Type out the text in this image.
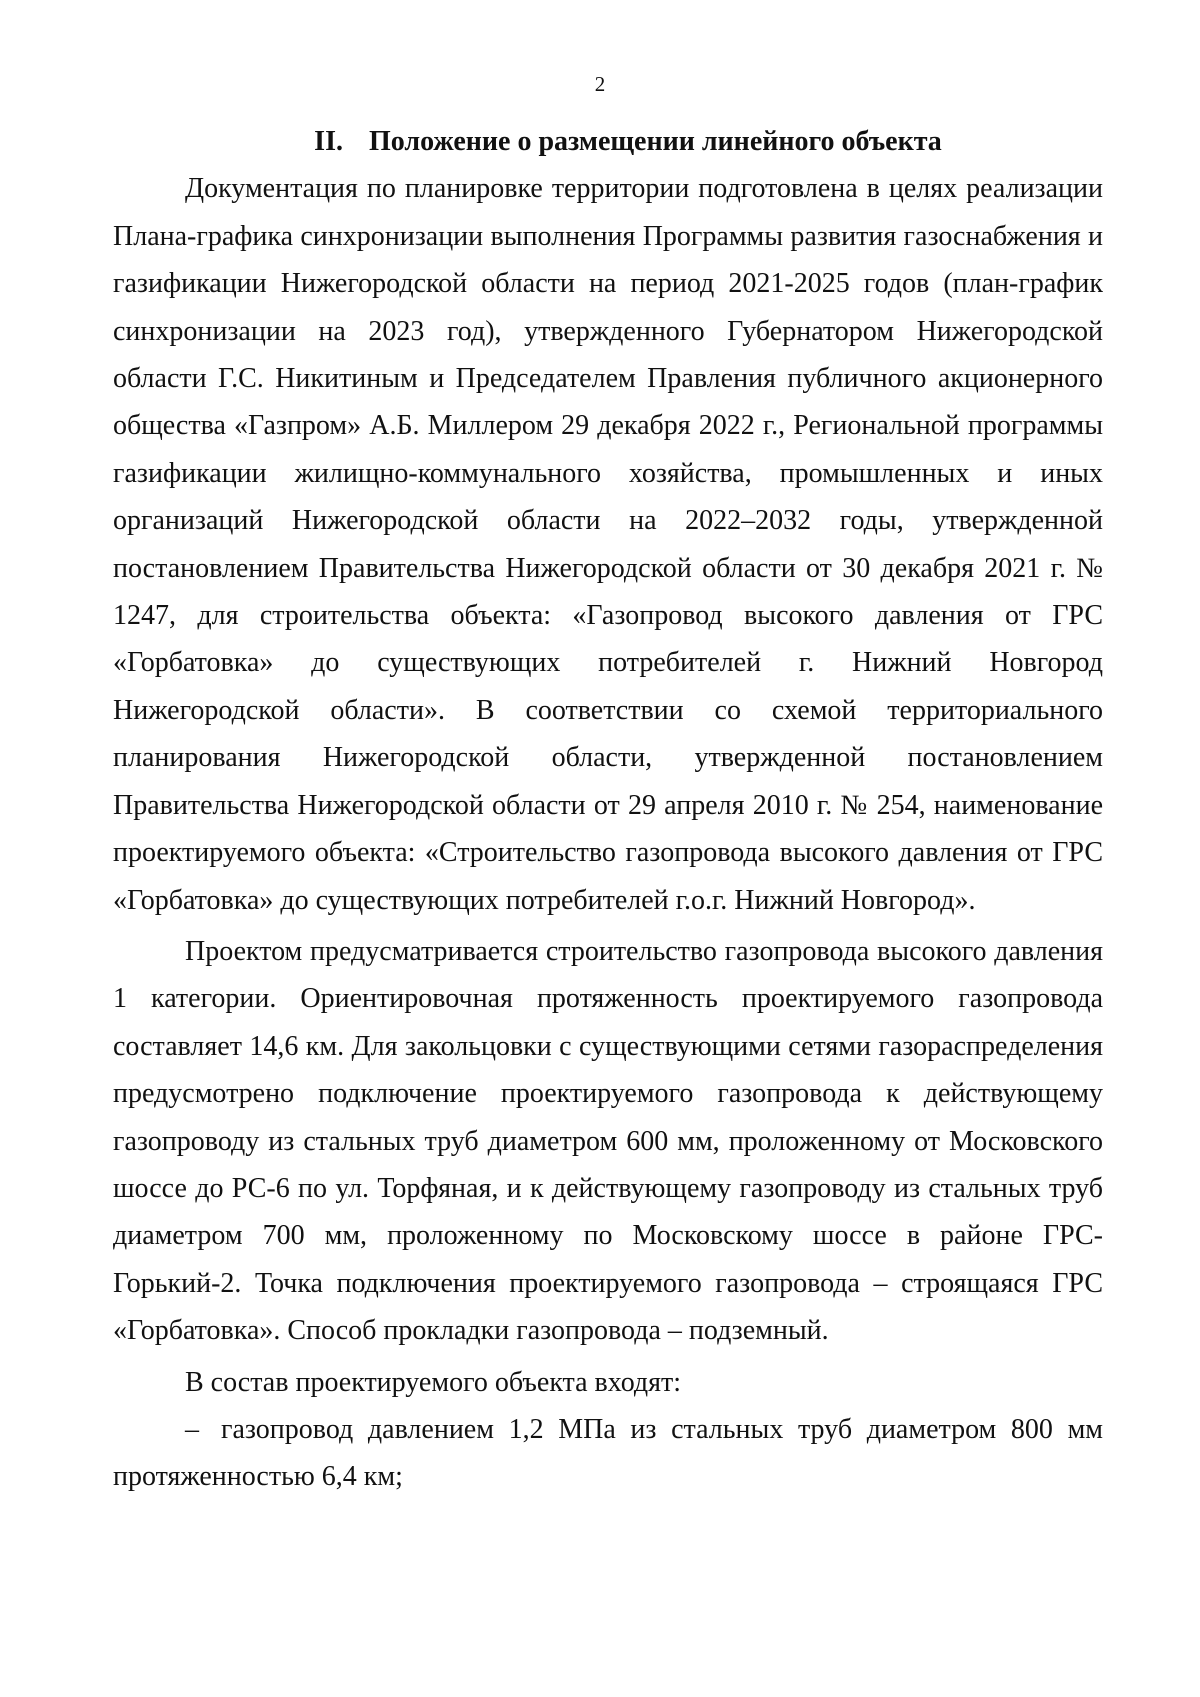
2
II. Положение о размещении линейного объекта

Документация по планировке территории подготовлена в целях реализации Плана-графика синхронизации выполнения Программы развития газоснабжения и газификации Нижегородской области на период 2021-2025 годов (план-график синхронизации на 2023 год), утвержденного Губернатором Нижегородской области Г.С. Никитиным и Председателем Правления публичного акционерного общества «Газпром» А.Б. Миллером 29 декабря 2022 г., Региональной программы газификации жилищно-коммунального хозяйства, промышленных и иных организаций Нижегородской области на 2022–2032 годы, утвержденной постановлением Правительства Нижегородской области от 30 декабря 2021 г. № 1247, для строительства объекта: «Газопровод высокого давления от ГРС «Горбатовка» до существующих потребителей г. Нижний Новгород Нижегородской области». В соответствии со схемой территориального планирования Нижегородской области, утвержденной постановлением Правительства Нижегородской области от 29 апреля 2010 г. № 254, наименование проектируемого объекта: «Строительство газопровода высокого давления от ГРС «Горбатовка» до существующих потребителей г.о.г. Нижний Новгород».

Проектом предусматривается строительство газопровода высокого давления 1 категории. Ориентировочная протяженность проектируемого газопровода составляет 14,6 км. Для закольцовки с существующими сетями газораспределения предусмотрено подключение проектируемого газопровода к действующему газопроводу из стальных труб диаметром 600 мм, проложенному от Московского шоссе до РС-6 по ул. Торфяная, и к действующему газопроводу из стальных труб диаметром 700 мм, проложенному по Московскому шоссе в районе ГРС-Горький-2. Точка подключения проектируемого газопровода – строящаяся ГРС «Горбатовка». Способ прокладки газопровода – подземный.

В состав проектируемого объекта входят:

– газопровод давлением 1,2 МПа из стальных труб диаметром 800 мм протяженностью 6,4 км;
